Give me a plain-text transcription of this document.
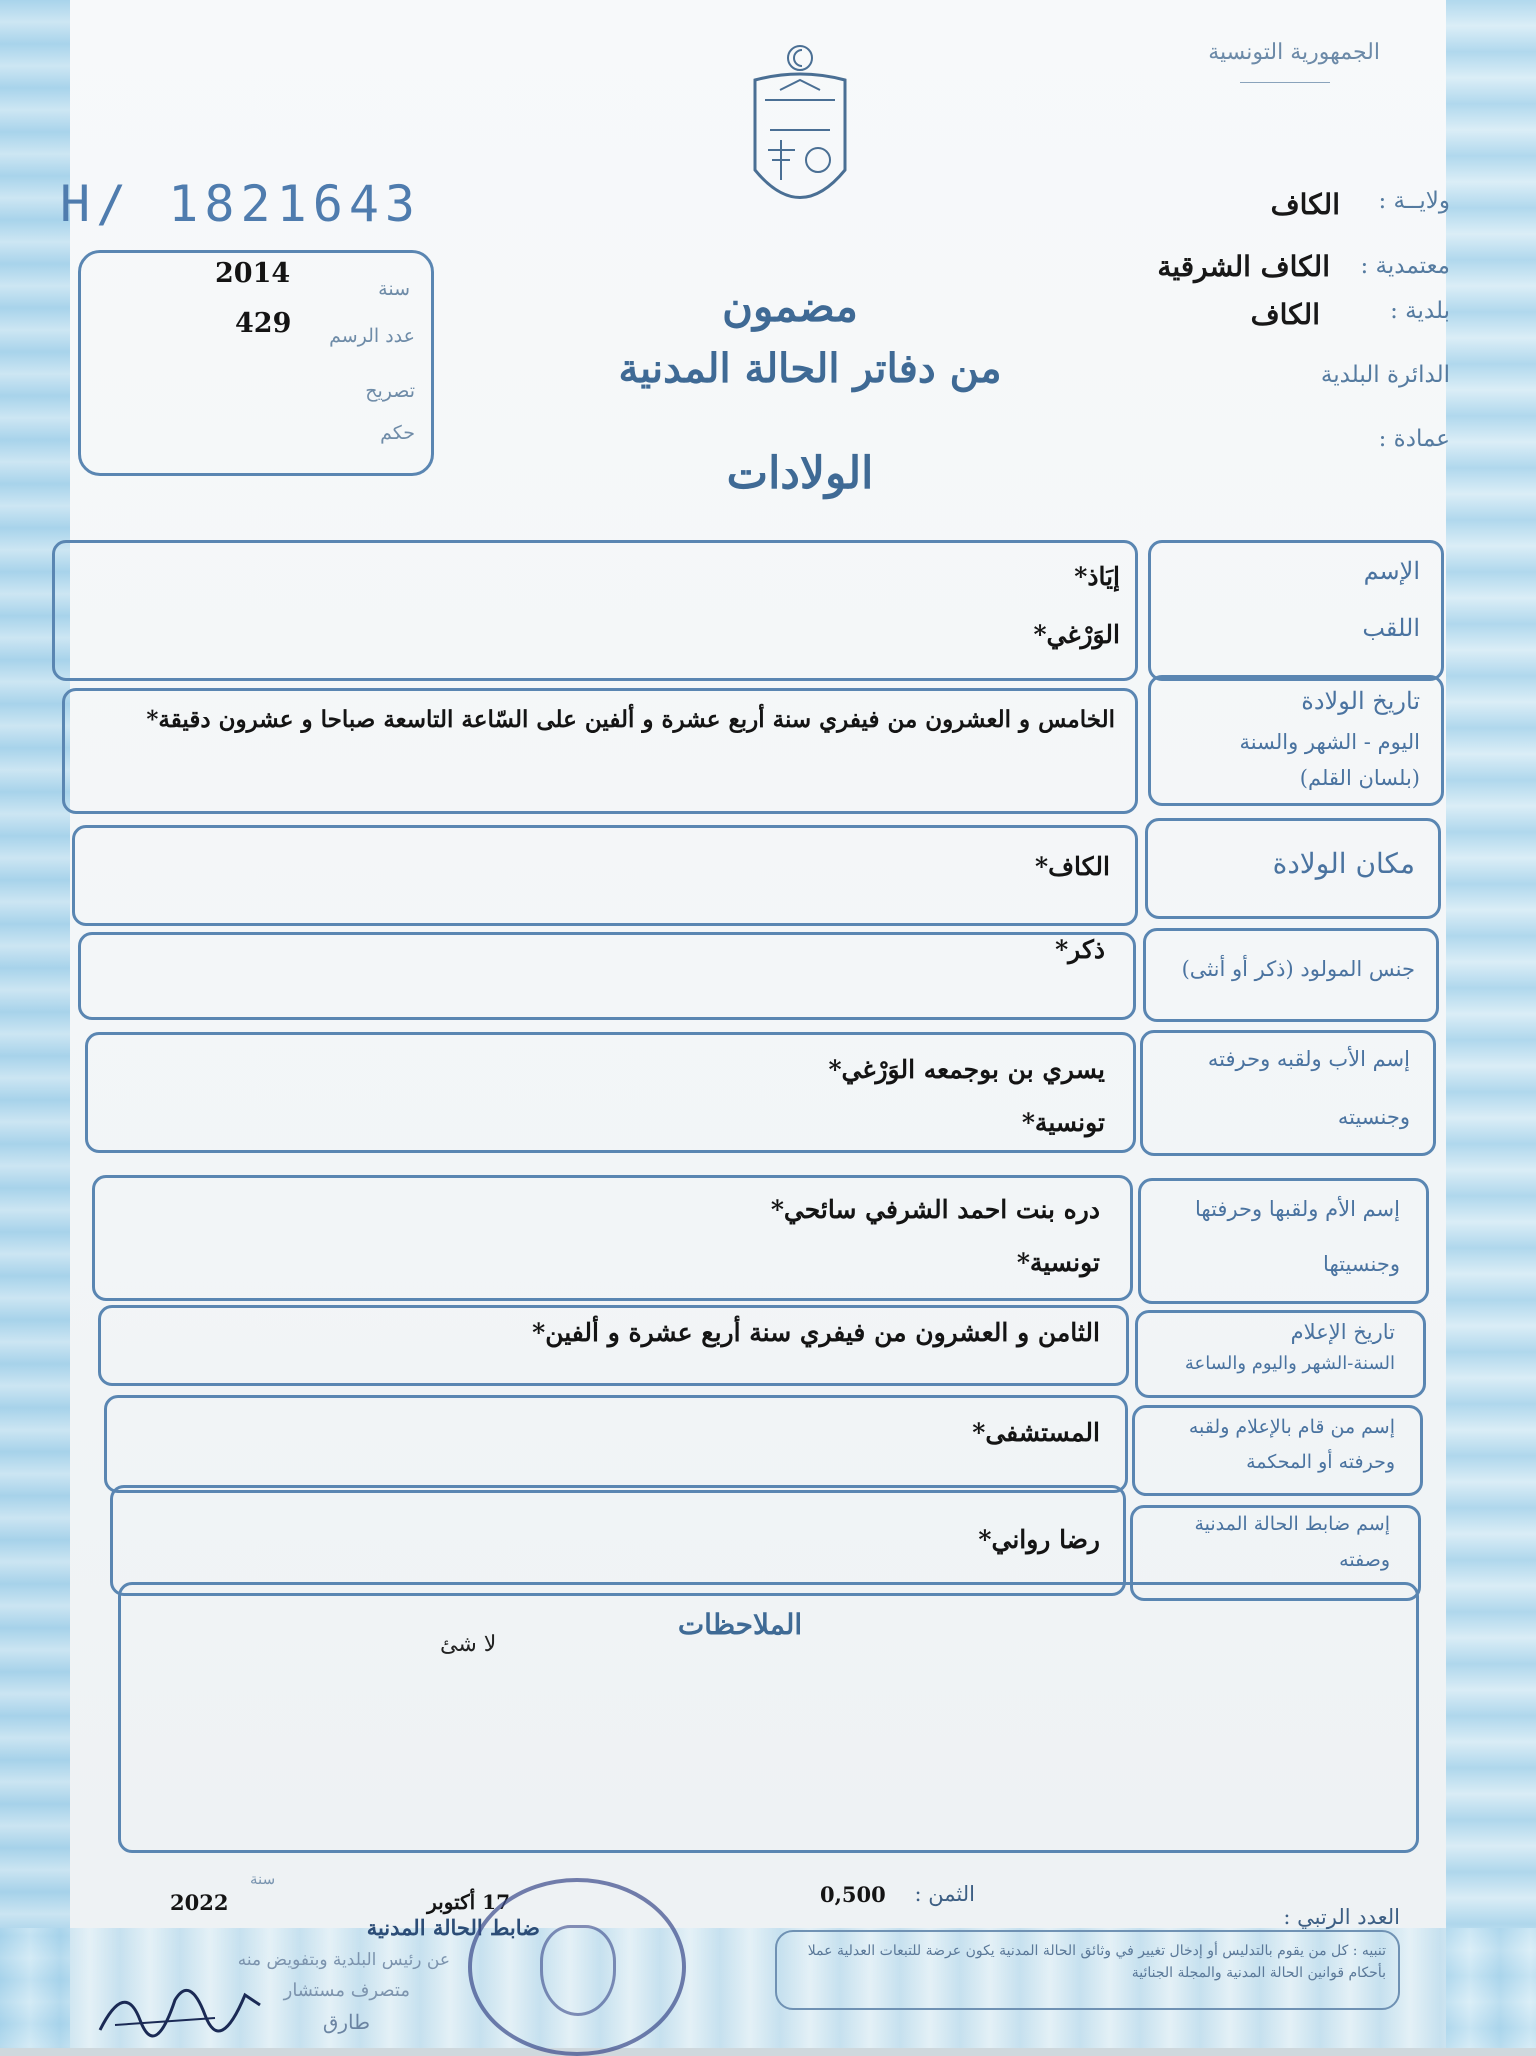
الجمهورية التونسية
H/ 1821643
2014
429
سنة
عدد الرسم
تصريح
حكم
ولايــة :
الكاف
معتمدية :
الكاف الشرقية
بلدية :
الكاف
الدائرة البلدية
عمادة :
مضمون
من دفاتر الحالة المدنية
الولادات
الإسم
اللقب
إيَاذ*
الوَرْغي*
تاريخ الولادة
اليوم - الشهر والسنة
(بلسان القلم)
الخامس و العشرون من فيفري سنة أربع عشرة و ألفين على السّاعة التاسعة صباحا و عشرون دقيقة*
مكان الولادة
الكاف*
جنس المولود (ذكر أو أنثى)
ذكر*
إسم الأب ولقبه وحرفته
وجنسيته
يسري بن بوجمعه الوَرْغي*
تونسية*
إسم الأم ولقبها وحرفتها
وجنسيتها
دره بنت احمد الشرفي سائحي*
تونسية*
تاريخ الإعلام
السنة-الشهر واليوم والساعة
الثامن و العشرون من فيفري سنة أربع عشرة و ألفين*
إسم من قام بالإعلام ولقبه
وحرفته أو المحكمة
المستشفى*
إسم ضابط الحالة المدنية
وصفته
رضا رواني*
الملاحظات
لا شئ
العدد الرتبي :
الثمن :
0,500
سنة
2022	17 أكتوبر
ضابط الحالة المدنية
عن رئيس البلدية وبتفويض منه
متصرف مستشار
طارق
تنبيه : كل من يقوم بالتدليس أو إدخال تغيير في وثائق الحالة المدنية يكون عرضة للتبعات العدلية عملا بأحكام قوانين الحالة المدنية والمجلة الجنائية
